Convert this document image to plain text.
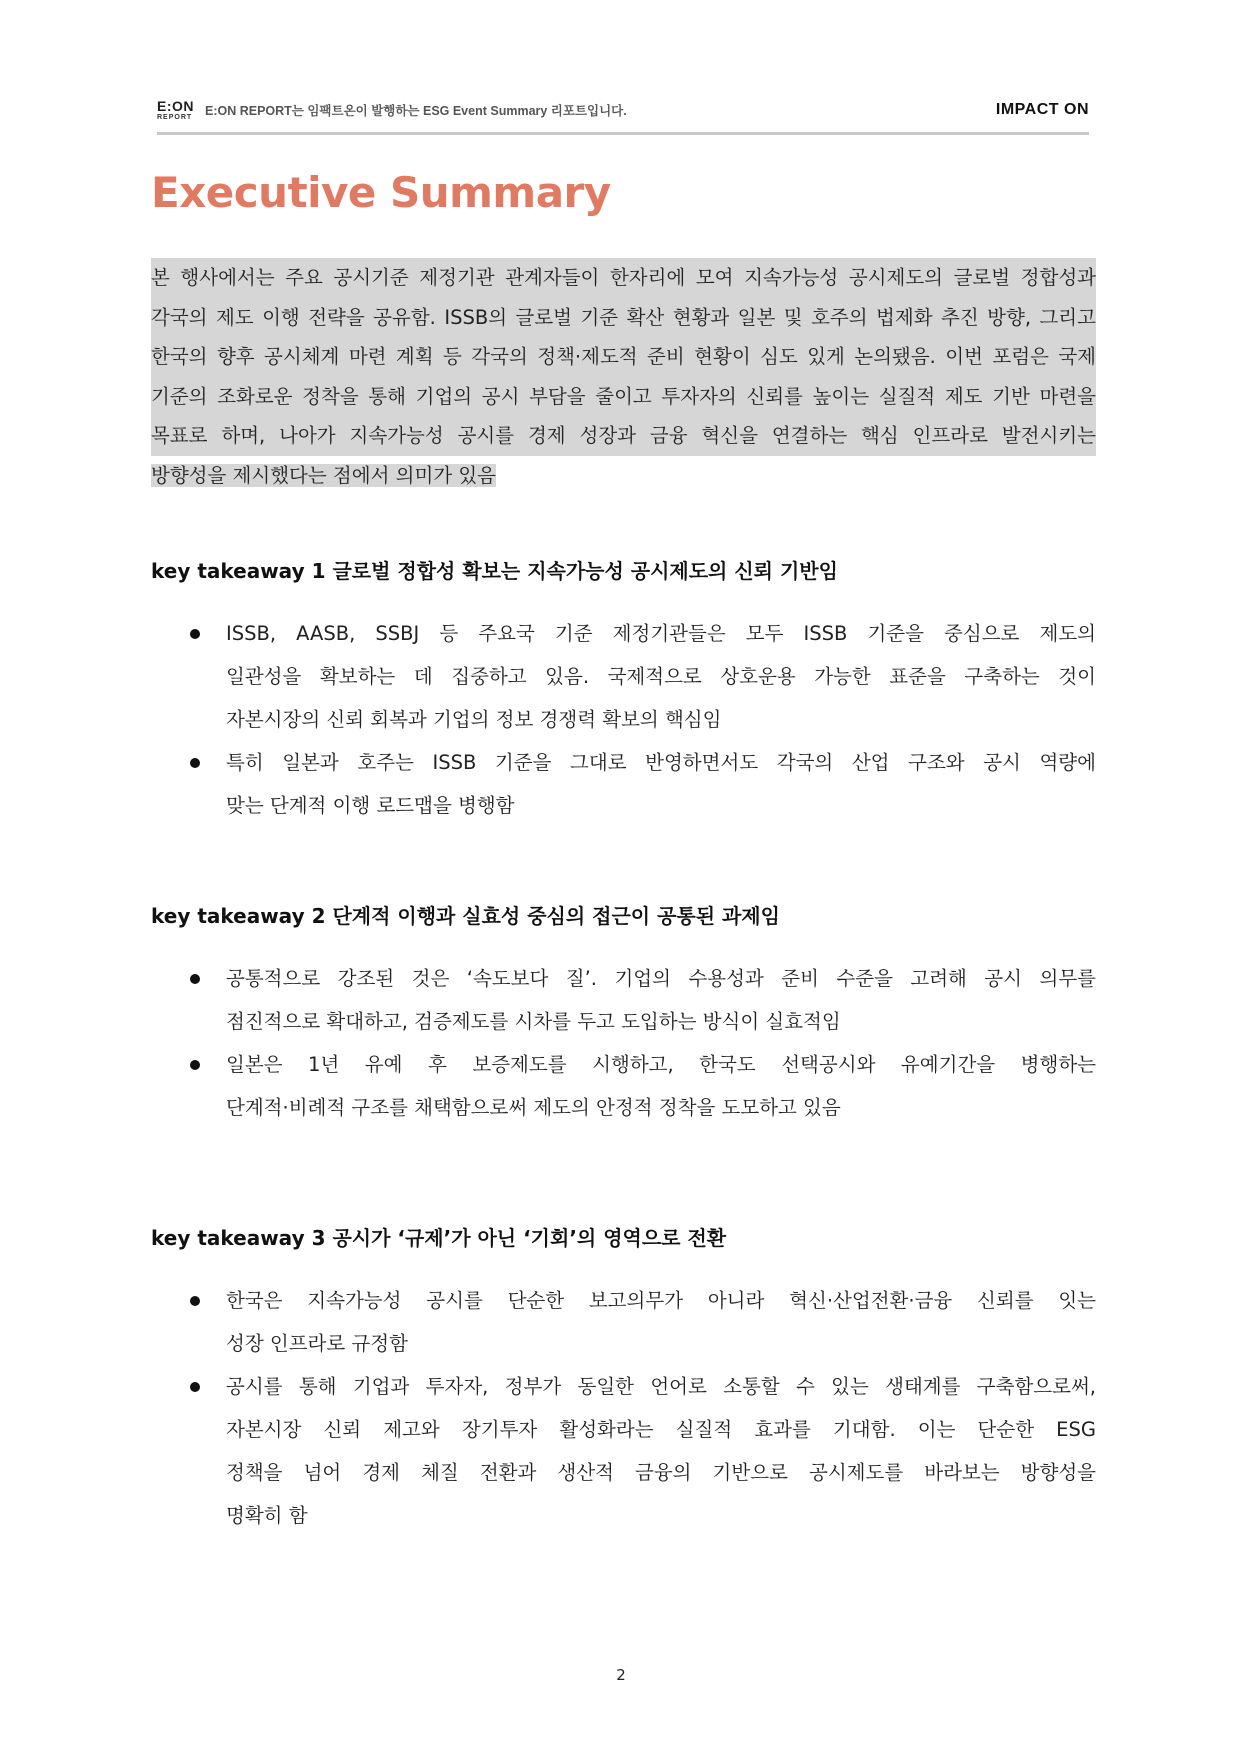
E:ON
REPORT E:ON REPORT는 임팩트온이 발행하는 ESG Event Summary 리포트입니다.	IMPACT ON
Executive Summary
본 행사에서는 주요 공시기준 제정기관 관계자들이 한자리에 모여 지속가능성 공시제도의 글로벌 정합성과
각국의 제도 이행 전략을 공유함. ISSB의 글로벌 기준 확산 현황과 일본 및 호주의 법제화 추진 방향, 그리고
한국의 향후 공시체계 마련 계획 등 각국의 정책·제도적 준비 현황이 심도 있게 논의됐음. 이번 포럼은 국제
기준의 조화로운 정착을 통해 기업의 공시 부담을 줄이고 투자자의 신뢰를 높이는 실질적 제도 기반 마련을
목표로 하며, 나아가 지속가능성 공시를 경제 성장과 금융 혁신을 연결하는 핵심 인프라로 발전시키는
방향성을 제시했다는 점에서 의미가 있음
key takeaway 1 글로벌 정합성 확보는 지속가능성 공시제도의 신뢰 기반임
ISSB, AASB, SSBJ 등 주요국 기준 제정기관들은 모두 ISSB 기준을 중심으로 제도의
일관성을 확보하는 데 집중하고 있음. 국제적으로 상호운용 가능한 표준을 구축하는 것이
자본시장의 신뢰 회복과 기업의 정보 경쟁력 확보의 핵심임
특히 일본과 호주는 ISSB 기준을 그대로 반영하면서도 각국의 산업 구조와 공시 역량에
맞는 단계적 이행 로드맵을 병행함
key takeaway 2 단계적 이행과 실효성 중심의 접근이 공통된 과제임
공통적으로 강조된 것은 ‘속도보다 질’. 기업의 수용성과 준비 수준을 고려해 공시 의무를
점진적으로 확대하고, 검증제도를 시차를 두고 도입하는 방식이 실효적임
일본은 1년 유예 후 보증제도를 시행하고, 한국도 선택공시와 유예기간을 병행하는
단계적·비례적 구조를 채택함으로써 제도의 안정적 정착을 도모하고 있음
key takeaway 3 공시가 ‘규제’가 아닌 ‘기회’의 영역으로 전환
한국은 지속가능성 공시를 단순한 보고의무가 아니라 혁신·산업전환·금융 신뢰를 잇는
성장 인프라로 규정함
공시를 통해 기업과 투자자, 정부가 동일한 언어로 소통할 수 있는 생태계를 구축함으로써,
자본시장 신뢰 제고와 장기투자 활성화라는 실질적 효과를 기대함. 이는 단순한 ESG
정책을 넘어 경제 체질 전환과 생산적 금융의 기반으로 공시제도를 바라보는 방향성을
명확히 함
2
